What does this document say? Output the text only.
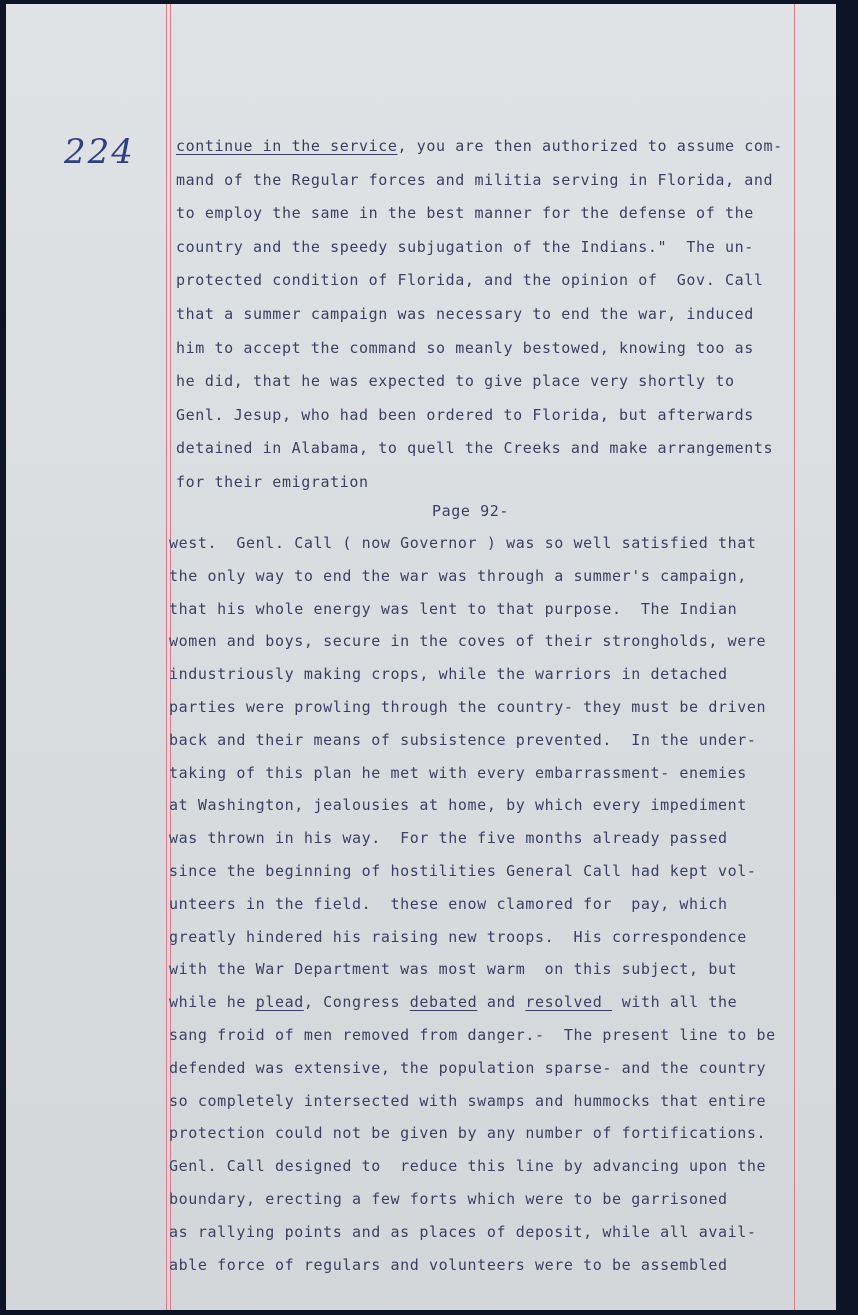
224	continue in the service, you are then authorized to assume com-
mand of the Regular forces and militia serving in Florida, and
to employ the same in the best manner for the defense of the
country and the speedy subjugation of the Indians."  The un-
protected condition of Florida, and the opinion of  Gov. Call
that a summer campaign was necessary to end the war, induced
him to accept the command so meanly bestowed, knowing too as
he did, that he was expected to give place very shortly to
Genl. Jesup, who had been ordered to Florida, but afterwards
detained in Alabama, to quell the Creeks and make arrangements
for their emigration
Page 92-
west.  Genl. Call ( now Governor ) was so well satisfied that
the only way to end the war was through a summer's campaign,
that his whole energy was lent to that purpose.  The Indian
women and boys, secure in the coves of their strongholds, were
industriously making crops, while the warriors in detached
parties were prowling through the country- they must be driven
back and their means of subsistence prevented.  In the under-
taking of this plan he met with every embarrassment- enemies
at Washington, jealousies at home, by which every impediment
was thrown in his way.  For the five months already passed
since the beginning of hostilities General Call had kept vol-
unteers in the field.  these enow clamored for  pay, which
greatly hindered his raising new troops.  His correspondence
with the War Department was most warm  on this subject, but
while he plead, Congress debated and resolved  with all the
sang froid of men removed from danger.-  The present line to be
defended was extensive, the population sparse- and the country
so completely intersected with swamps and hummocks that entire
protection could not be given by any number of fortifications.
Genl. Call designed to  reduce this line by advancing upon the
boundary, erecting a few forts which were to be garrisoned
as rallying points and as places of deposit, while all avail-
able force of regulars and volunteers were to be assembled
